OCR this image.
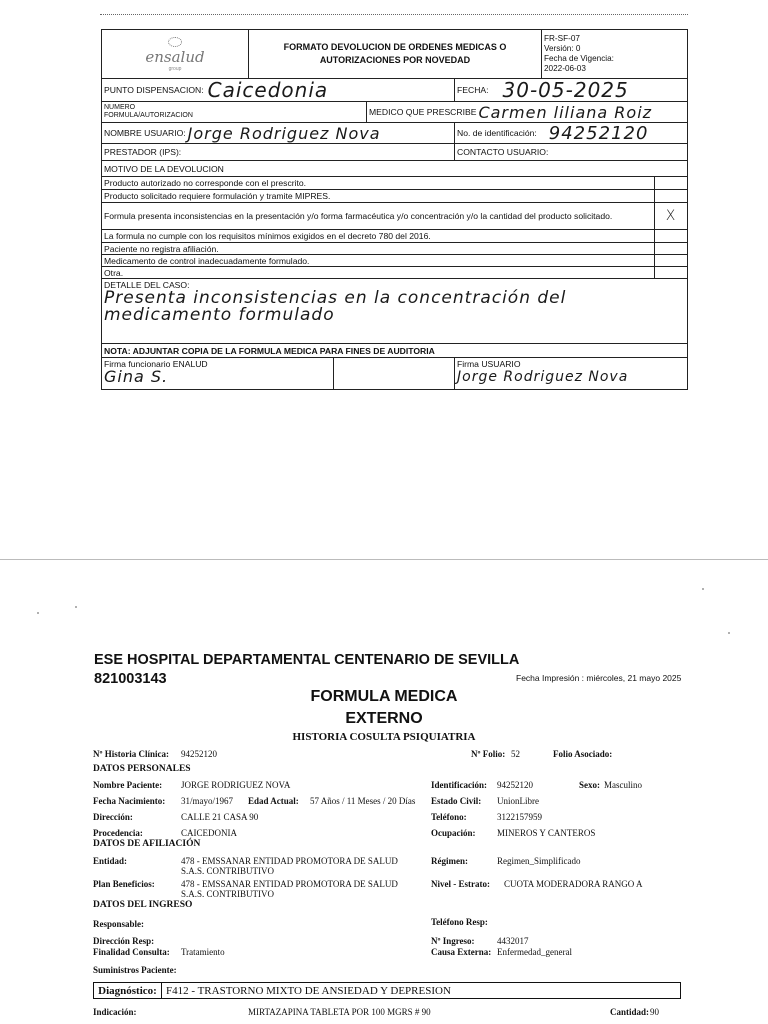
ensalud
group
FORMATO DEVOLUCION DE ORDENES MEDICAS O AUTORIZACIONES POR NOVEDAD
FR-SF-07
Versión: 0
Fecha de Vigencia:
2022-06-03
PUNTO DISPENSACION: Caicedonia	FECHA: 30-05-2025
NUMERO
FORMULA/AUTORIZACION	MEDICO QUE PRESCRIBE Carmen liliana Roiz
NOMBRE USUARIO: Jorge Rodriguez Nova	No. de identificación: 94252120
PRESTADOR (IPS):	CONTACTO USUARIO:
MOTIVO DE LA DEVOLUCION
Producto autorizado no corresponde con el prescrito.
Producto solicitado requiere formulación y tramite MIPRES.
Formula presenta inconsistencias en la presentación y/o forma farmacéutica y/o concentración y/o la cantidad del producto solicitado.	X
La formula no cumple con los requisitos mínimos exigidos en el decreto 780 del 2016.
Paciente no registra afiliación.
Medicamento de control inadecuadamente formulado.
Otra.
DETALLE DEL CASO:
Presenta inconsistencias en la concentración del
medicamento formulado
NOTA: ADJUNTAR COPIA DE LA FORMULA MEDICA PARA FINES DE AUDITORIA
Firma funcionario ENALUD
Gina S.
Firma USUARIO
Jorge Rodriguez Nova
ESE HOSPITAL DEPARTAMENTAL CENTENARIO DE SEVILLA
821003143	Fecha Impresión : miércoles, 21 mayo 2025
FORMULA MEDICA
EXTERNO
HISTORIA COSULTA PSIQUIATRIA
Nº Historia Clínica: 94252120	Nº Folio: 52	Folio Asociado:
DATOS PERSONALES
Nombre Paciente: JORGE RODRIGUEZ NOVA	Identificación: 94252120	Sexo: Masculino
Fecha Nacimiento: 31/mayo/1967 Edad Actual: 57 Años / 11 Meses / 20 Días Estado Civil: UnionLibre
Dirección:	CALLE 21 CASA 90	Teléfono:	3122157959
Procedencia:	CAICEDONIA	Ocupación: MINEROS Y CANTEROS
DATOS DE AFILIACIÓN
Entidad:	478 - EMSSANAR ENTIDAD PROMOTORA DE SALUD
S.A.S. CONTRIBUTIVO
Régimen:	Regimen_Simplificado
Plan Beneficios:	478 - EMSSANAR ENTIDAD PROMOTORA DE SALUD
S.A.S. CONTRIBUTIVO
Nivel - Estrato: CUOTA MODERADORA RANGO A
DATOS DEL INGRESO
Responsable:	Teléfono Resp:
Dirección Resp:	Nº Ingreso: 4432017
Finalidad Consulta: Tratamiento	Causa Externa: Enfermedad_general
Suministros Paciente:
Diagnóstico: F412 - TRASTORNO MIXTO DE ANSIEDAD Y DEPRESION
Indicación:	MIRTAZAPINA TABLETA POR 100 MGRS # 90	Cantidad: 90
